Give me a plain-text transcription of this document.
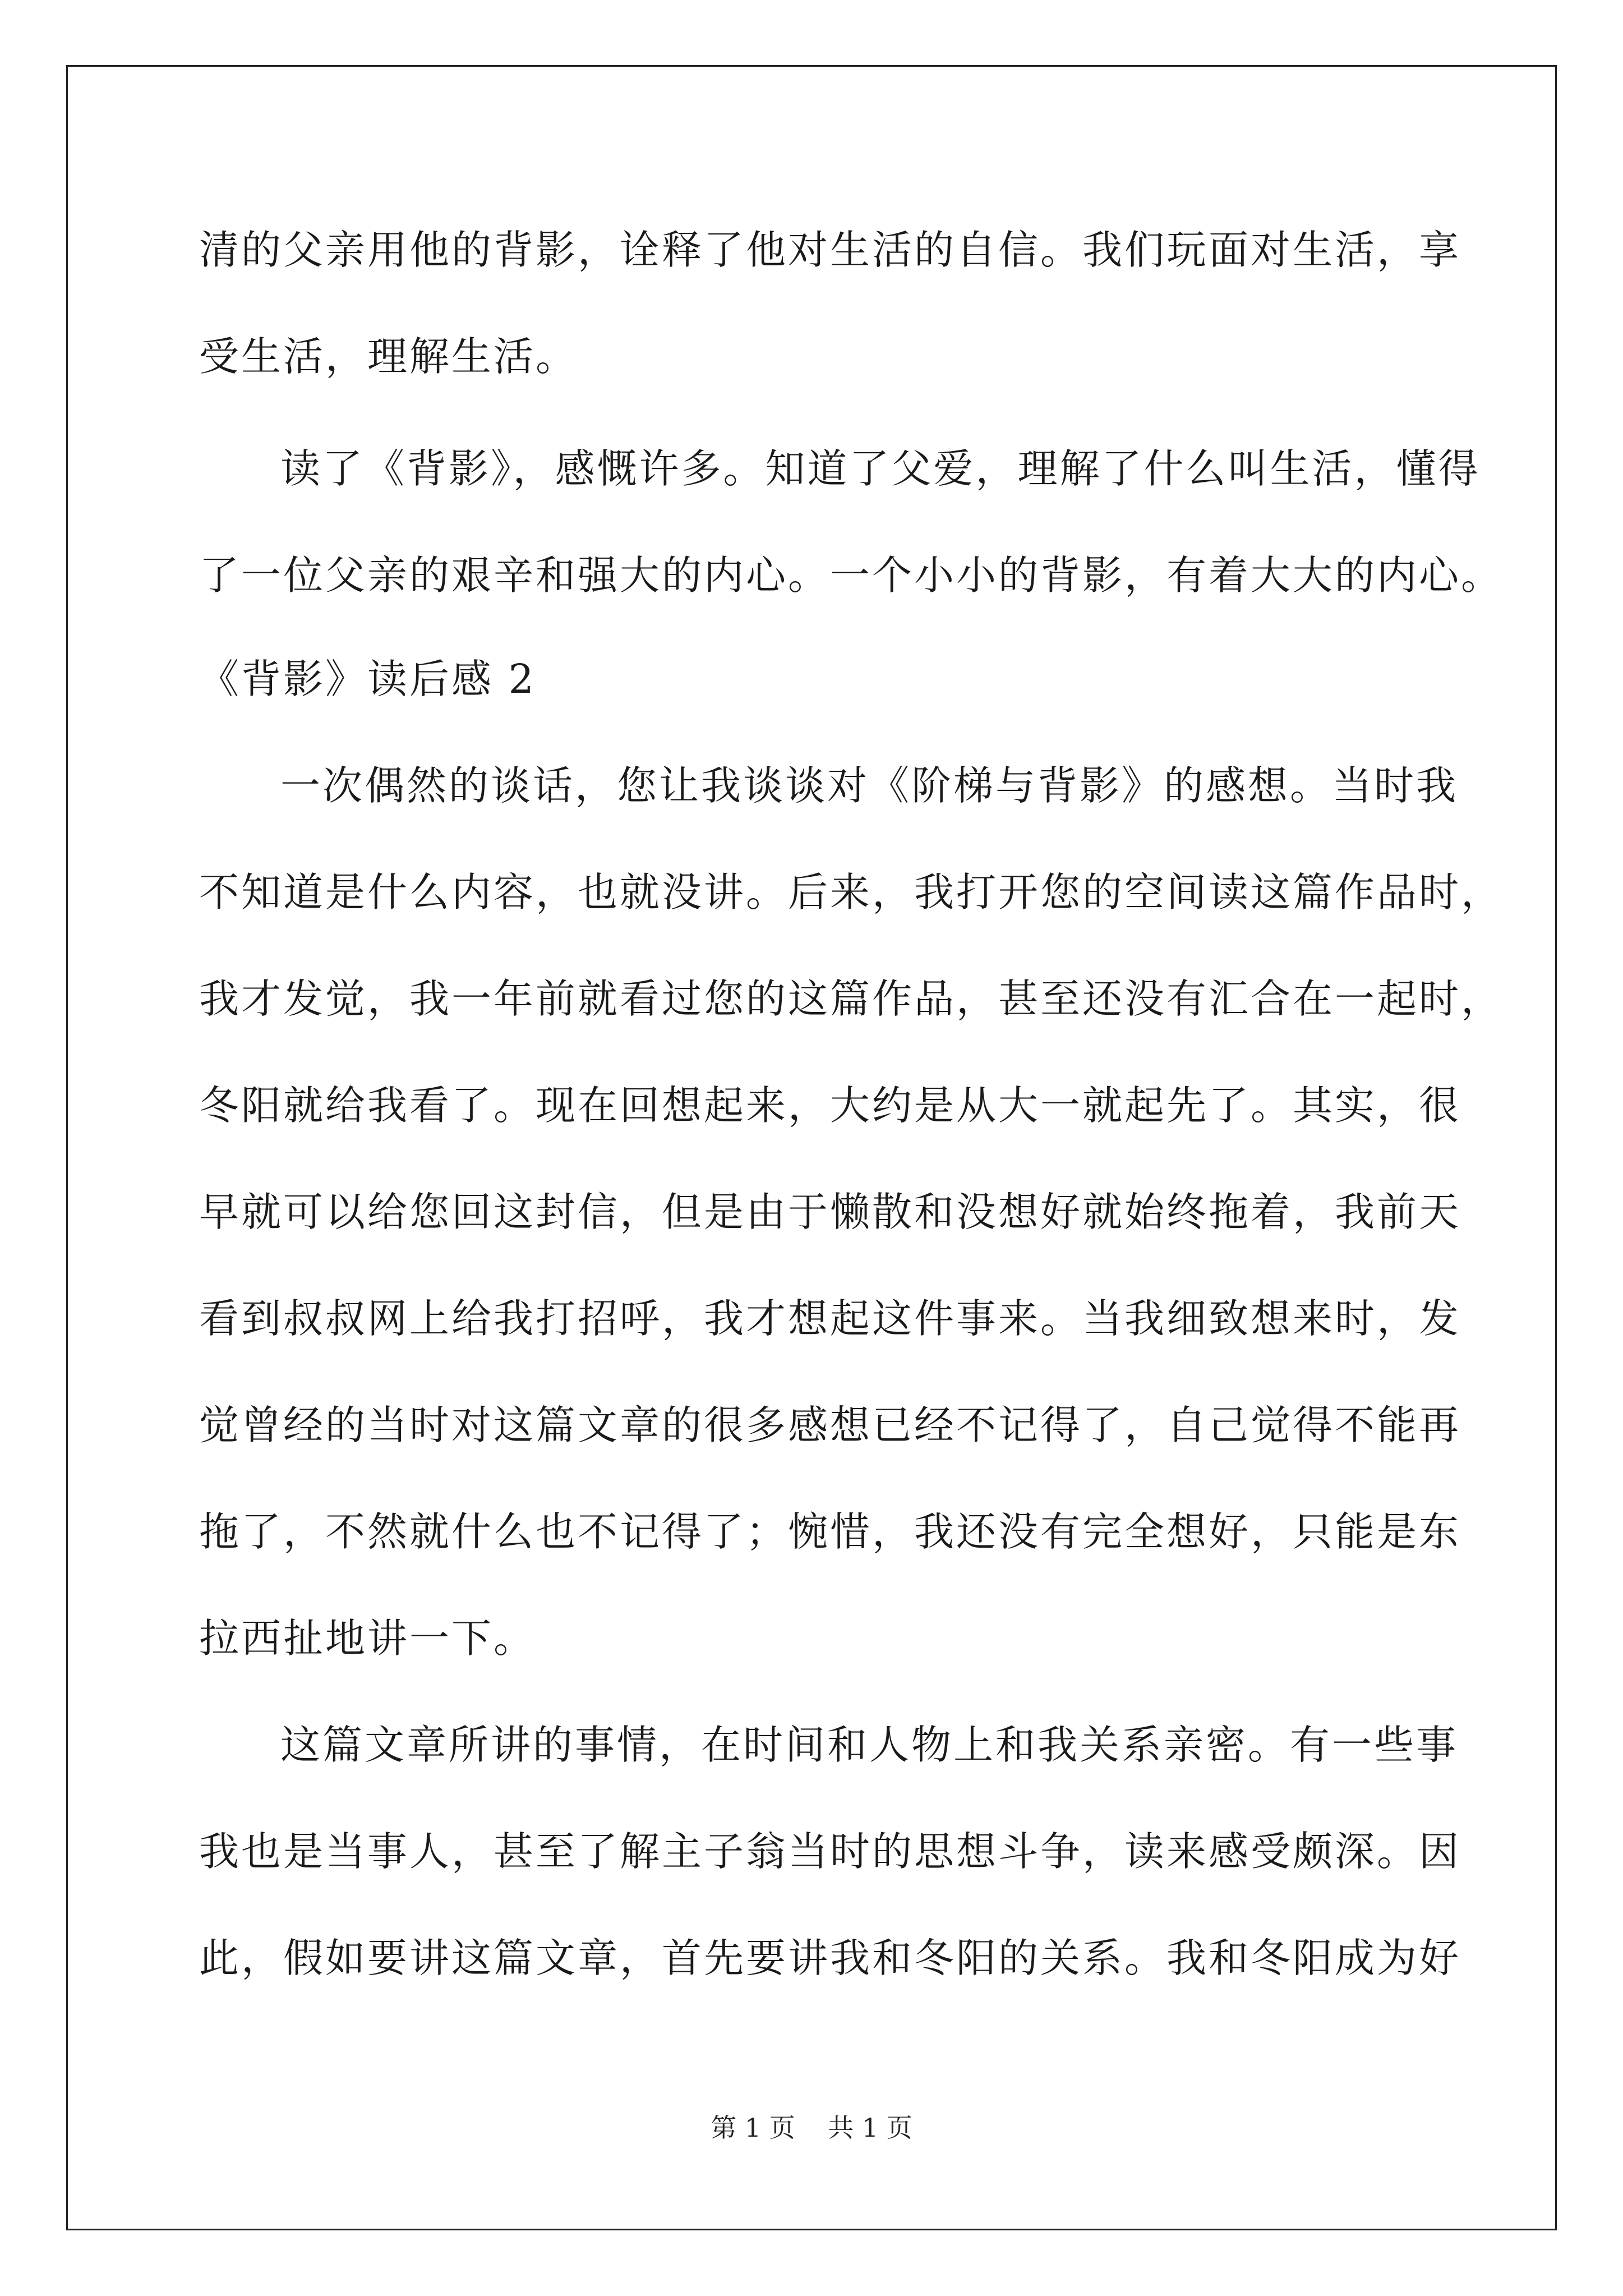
清的父亲用他的背影，诠释了他对生活的自信。我们玩面对生活，享
受生活，理解生活。
读了《背影》，感慨许多。知道了父爱，理解了什么叫生活，懂得
了一位父亲的艰辛和强大的内心。一个小小的背影，有着大大的内心。
《背影》读后感 2
一次偶然的谈话，您让我谈谈对《阶梯与背影》的感想。当时我
不知道是什么内容，也就没讲。后来，我打开您的空间读这篇作品时，
我才发觉，我一年前就看过您的这篇作品，甚至还没有汇合在一起时，
冬阳就给我看了。现在回想起来，大约是从大一就起先了。其实，很
早就可以给您回这封信，但是由于懒散和没想好就始终拖着，我前天
看到叔叔网上给我打招呼，我才想起这件事来。当我细致想来时，发
觉曾经的当时对这篇文章的很多感想已经不记得了，自己觉得不能再
拖了，不然就什么也不记得了；惋惜，我还没有完全想好，只能是东
拉西扯地讲一下。
这篇文章所讲的事情，在时间和人物上和我关系亲密。有一些事
我也是当事人，甚至了解主子翁当时的思想斗争，读来感受颇深。因
此，假如要讲这篇文章，首先要讲我和冬阳的关系。我和冬阳成为好
第 1 页    共 1 页
